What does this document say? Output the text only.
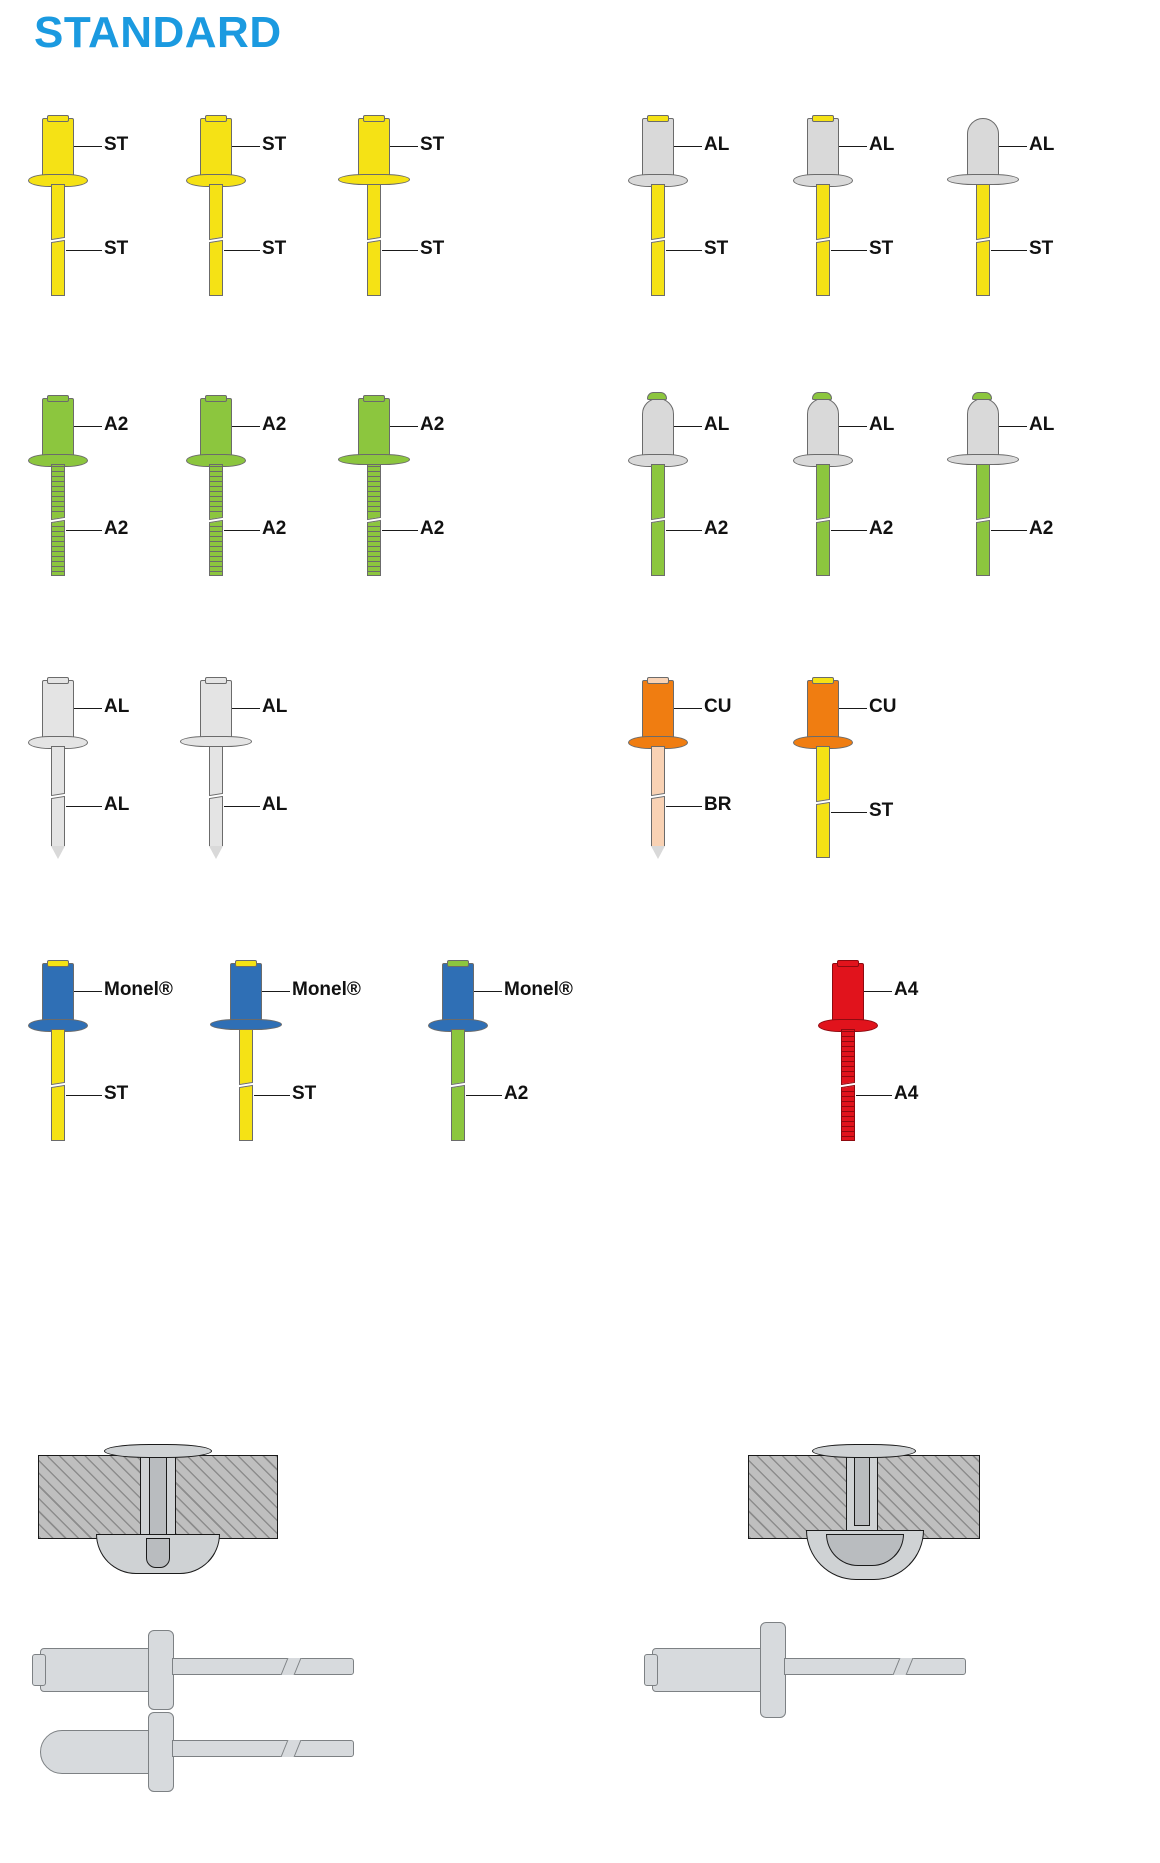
STANDARD
ST
ST
ST
ST
ST
ST
AL
ST
AL
ST
AL
ST
A2
A2
A2
A2
A2
A2
AL
A2
AL
A2
AL
A2
AL
AL
AL
AL
CU
BR
CU
ST
Monel®
ST
Monel®
ST
Monel®
A2
A4
A4
